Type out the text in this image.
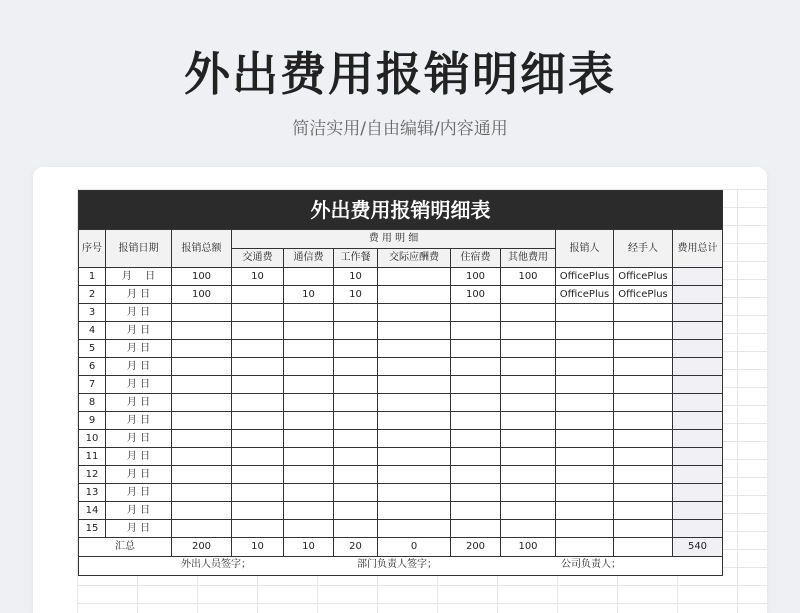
外出费用报销明细表
简洁实用/自由编辑/内容通用
外出费用报销明细表											
序号	报销日期	报销总额	费 用 明 细						报销人	经手人	费用总计
			交通费	通信费	工作餐	交际应酬费	住宿费	其他费用			
1	月 　日	100	10		10		100	100	OfficePlus	OfficePlus	
2	月 日	100		10	10		100		OfficePlus	OfficePlus	
3	月 日										
4	月 日										
5	月 日										
6	月 日										
7	月 日										
8	月 日										
9	月 日										
10	月 日										
11	月 日										
12	月 日										
13	月 日										
14	月 日										
15	月 日										
汇总		200	10	10	20	0	200	100			540

外出人员签字； 部门负责人签字； 公司负责人；											
